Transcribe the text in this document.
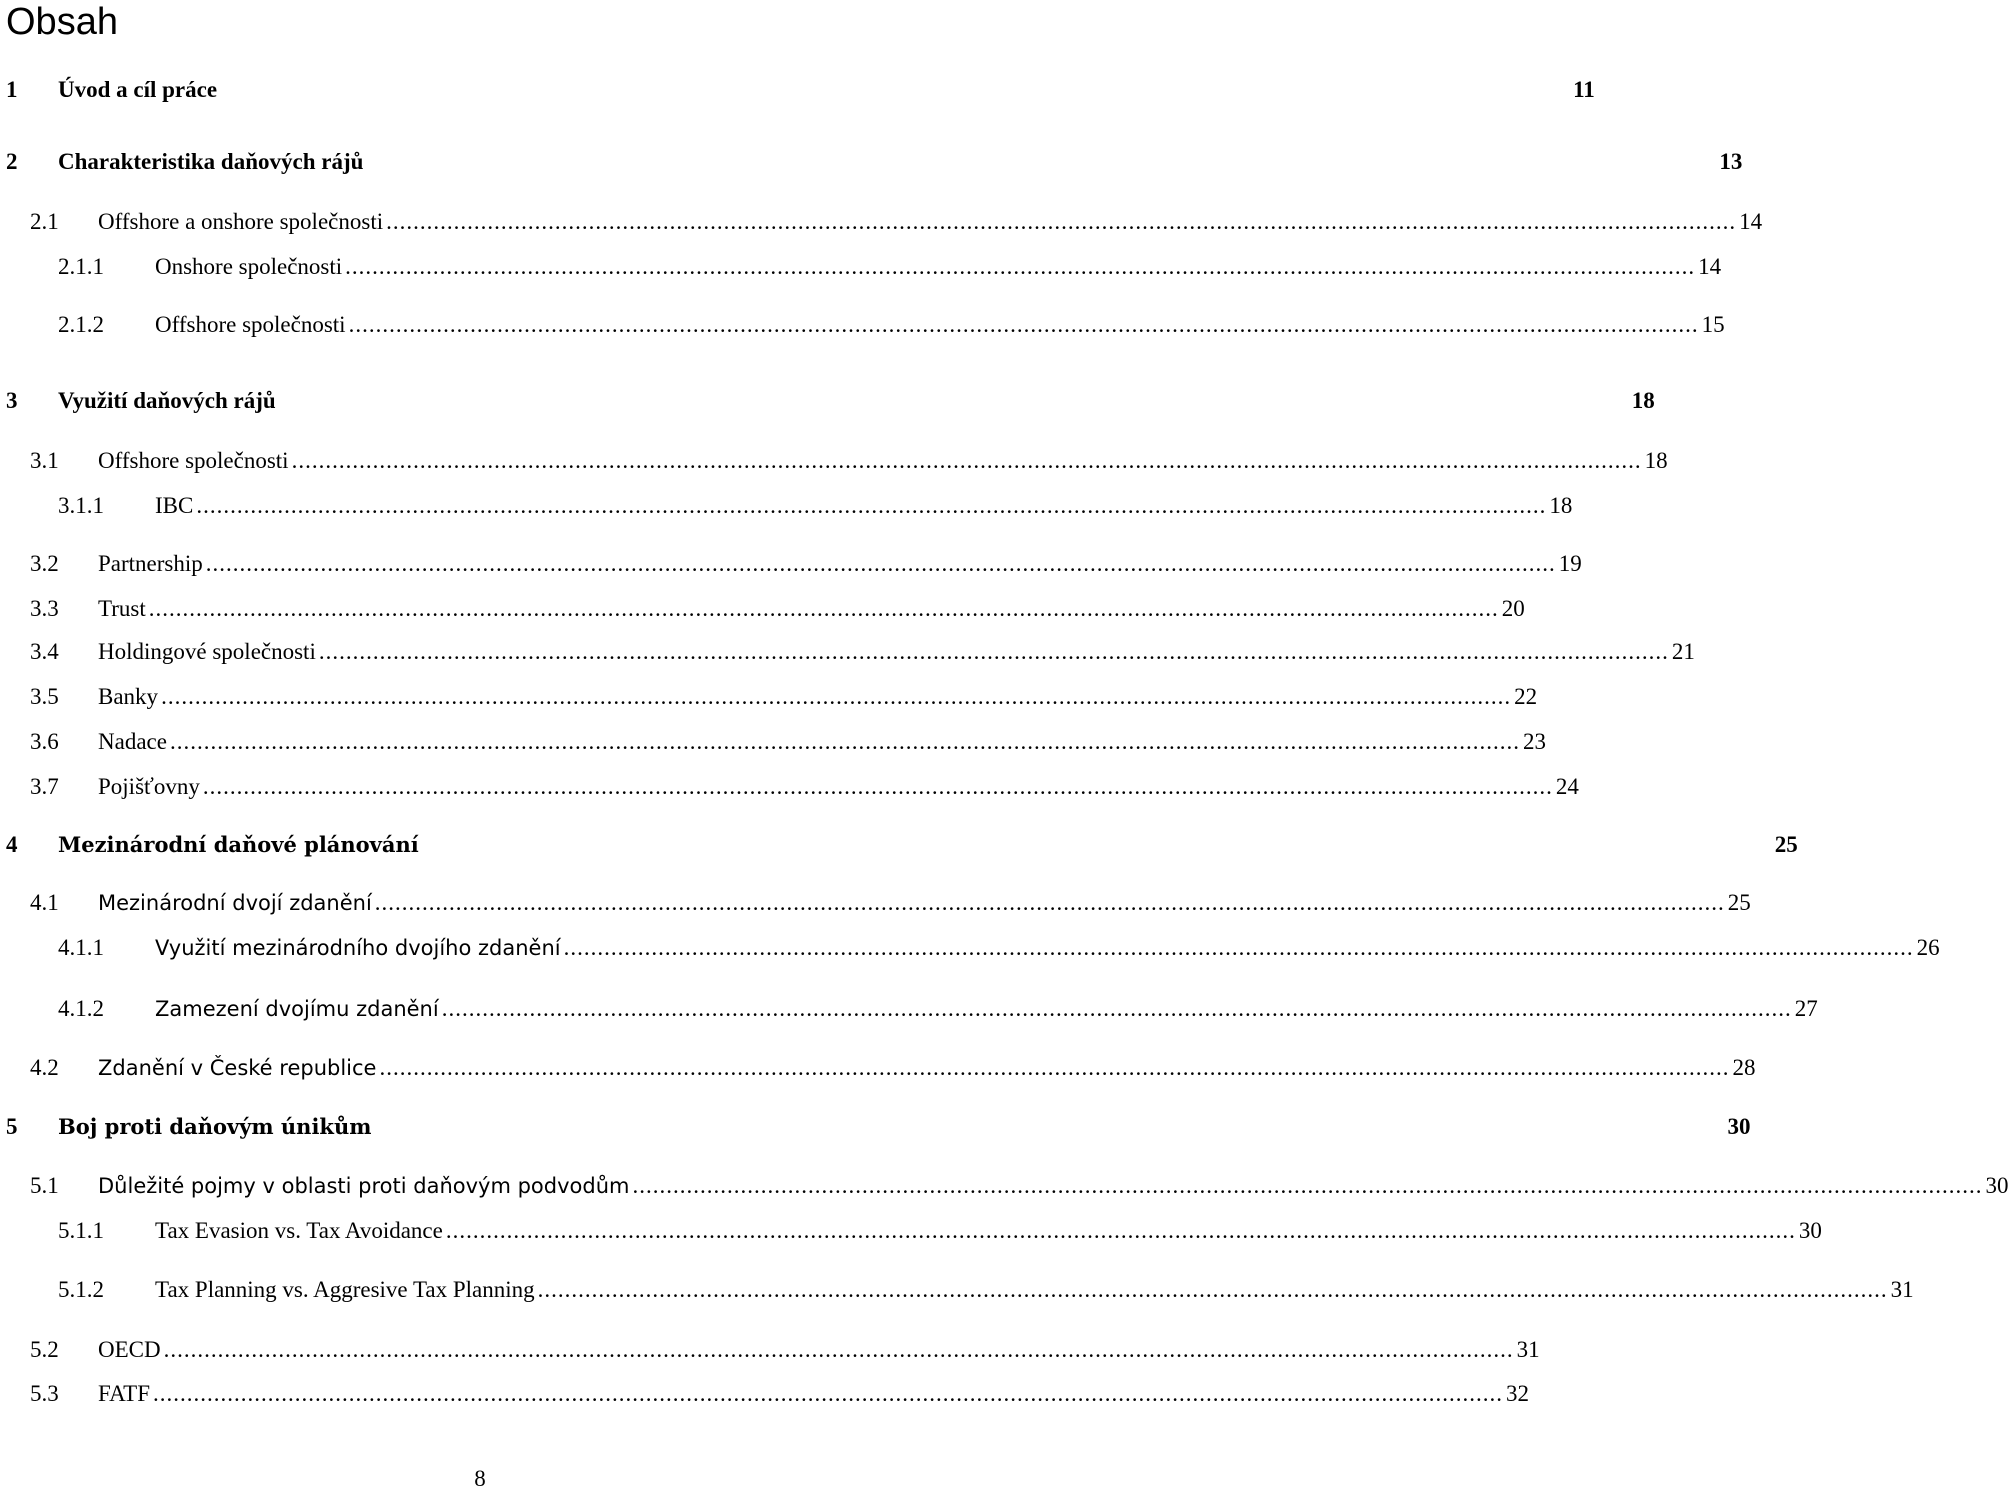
Obsah
1	Úvod a cíl práce	11
2	Charakteristika daňových rájů	13
2.1	Offshore a onshore společnosti ........................................................................................................................................................................................................ 14
2.1.1	Onshore společnosti ........................................................................................................................................................................................................ 14
2.1.2	Offshore společnosti ........................................................................................................................................................................................................ 15
3	Využití daňových rájů	18
3.1	Offshore společnosti ........................................................................................................................................................................................................ 18
3.1.1	IBC ........................................................................................................................................................................................................ 18
3.2	Partnership ........................................................................................................................................................................................................ 19
3.3	Trust ........................................................................................................................................................................................................ 20
3.4	Holdingové společnosti ........................................................................................................................................................................................................ 21
3.5	Banky ........................................................................................................................................................................................................ 22
3.6	Nadace ........................................................................................................................................................................................................ 23
3.7	Pojišťovny ........................................................................................................................................................................................................ 24
4	Mezinárodní daňové plánování	25
4.1	Mezinárodní dvojí zdanění ........................................................................................................................................................................................................ 25
4.1.1	Využití mezinárodního dvojího zdanění ........................................................................................................................................................................................................ 26
4.1.2	Zamezení dvojímu zdanění ........................................................................................................................................................................................................ 27
4.2	Zdanění v České republice ........................................................................................................................................................................................................ 28
5	Boj proti daňovým únikům	30
5.1	Důležité pojmy v oblasti proti daňovým podvodům ........................................................................................................................................................................................................ 30
5.1.1	Tax Evasion vs. Tax Avoidance ........................................................................................................................................................................................................ 30
5.1.2	Tax Planning vs. Aggresive Tax Planning ........................................................................................................................................................................................................ 31
5.2	OECD ........................................................................................................................................................................................................ 31
5.3	FATF ........................................................................................................................................................................................................ 32
8
